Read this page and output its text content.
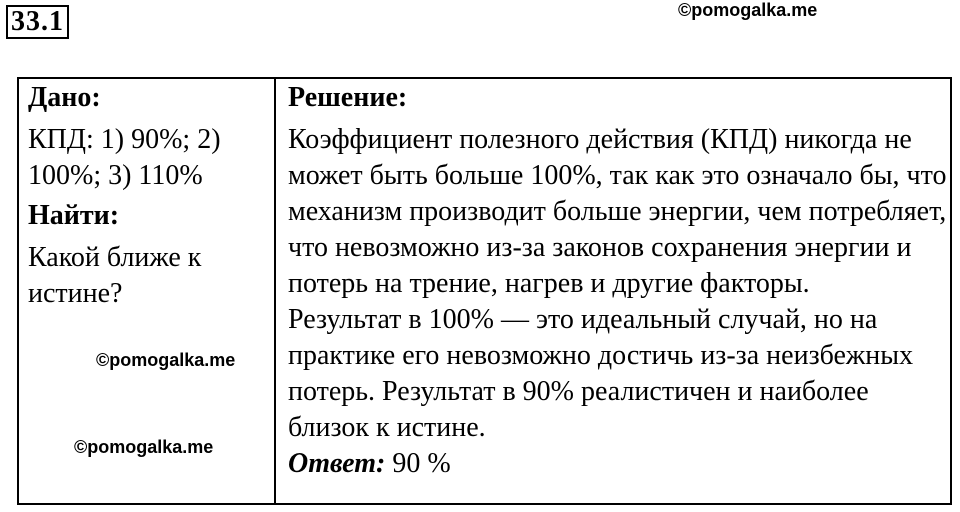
33.1	©pomogalka.me

Дано:

КПД: 1) 90%; 2) 100%; 3) 110%

Найти:

Какой ближе к истине?

©pomogalka.me
©pomogalka.me

Решение:

Коэффициент полезного действия (КПД) никогда не может быть больше 100%, так как это означало бы, что механизм производит больше энергии, чем потребляет, что невозможно из-за законов сохранения энергии и потерь на трение, нагрев и другие факторы.

Результат в 100% — это идеальный случай, но на практике его невозможно достичь из-за неизбежных потерь. Результат в 90% реалистичен и наиболее близок к истине.

Ответ: 90 %
